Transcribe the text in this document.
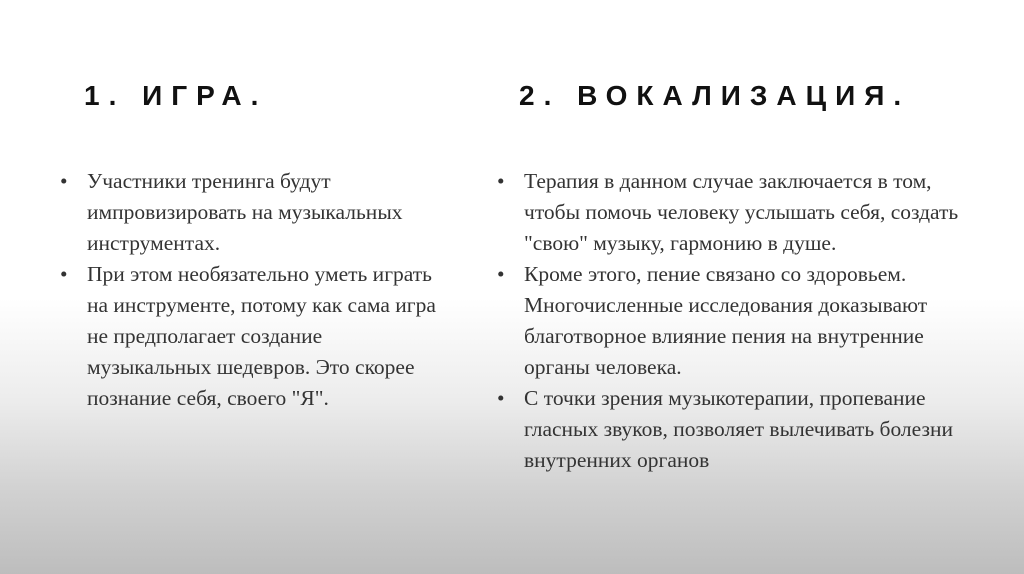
1. ИГРА.	2. ВОКАЛИЗАЦИЯ.
• Участники тренинга будут импровизировать на музыкальных инструментах.
• При этом необязательно уметь играть на инструменте, потому как сама игра не предполагает создание музыкальных шедевров. Это скорее познание себя, своего "Я".
• Терапия в данном случае заключается в том, чтобы помочь человеку услышать себя, создать "свою" музыку, гармонию в душе.
• Кроме этого, пение связано со здоровьем. Многочисленные исследования доказывают благотворное влияние пения на внутренние органы человека.
• С точки зрения музыкотерапии, пропевание гласных звуков, позволяет вылечивать болезни внутренних органов
